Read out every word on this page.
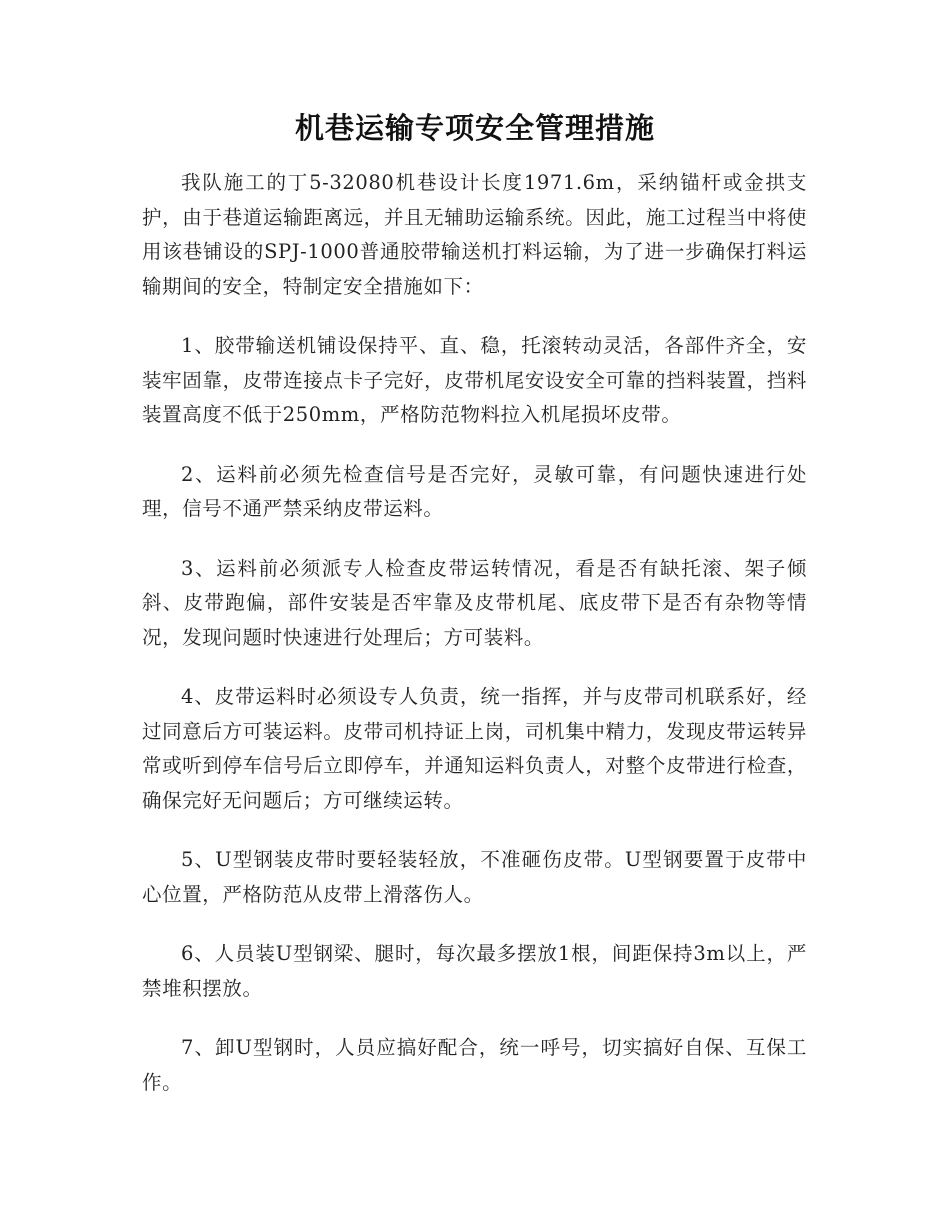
机巷运输专项安全管理措施

我队施工的丁5-32080机巷设计长度1971.6m，采纳锚杆或金拱支护，由于巷道运输距离远，并且无辅助运输系统。因此，施工过程当中将使用该巷铺设的SPJ-1000普通胶带输送机打料运输，为了进一步确保打料运输期间的安全，特制定安全措施如下：

1、胶带输送机铺设保持平、直、稳，托滚转动灵活，各部件齐全，安装牢固靠，皮带连接点卡子完好，皮带机尾安设安全可靠的挡料装置，挡料装置高度不低于250mm，严格防范物料拉入机尾损坏皮带。

2、运料前必须先检查信号是否完好，灵敏可靠，有问题快速进行处理，信号不通严禁采纳皮带运料。

3、运料前必须派专人检查皮带运转情况，看是否有缺托滚、架子倾斜、皮带跑偏，部件安装是否牢靠及皮带机尾、底皮带下是否有杂物等情况，发现问题时快速进行处理后；方可装料。

4、皮带运料时必须设专人负责，统一指挥，并与皮带司机联系好，经过同意后方可装运料。皮带司机持证上岗，司机集中精力，发现皮带运转异常或听到停车信号后立即停车，并通知运料负责人，对整个皮带进行检查，确保完好无问题后；方可继续运转。

5、U型钢装皮带时要轻装轻放，不准砸伤皮带。U型钢要置于皮带中心位置，严格防范从皮带上滑落伤人。

6、人员装U型钢梁、腿时，每次最多摆放1根，间距保持3m以上，严禁堆积摆放。

7、卸U型钢时，人员应搞好配合，统一呼号，切实搞好自保、互保工作。
